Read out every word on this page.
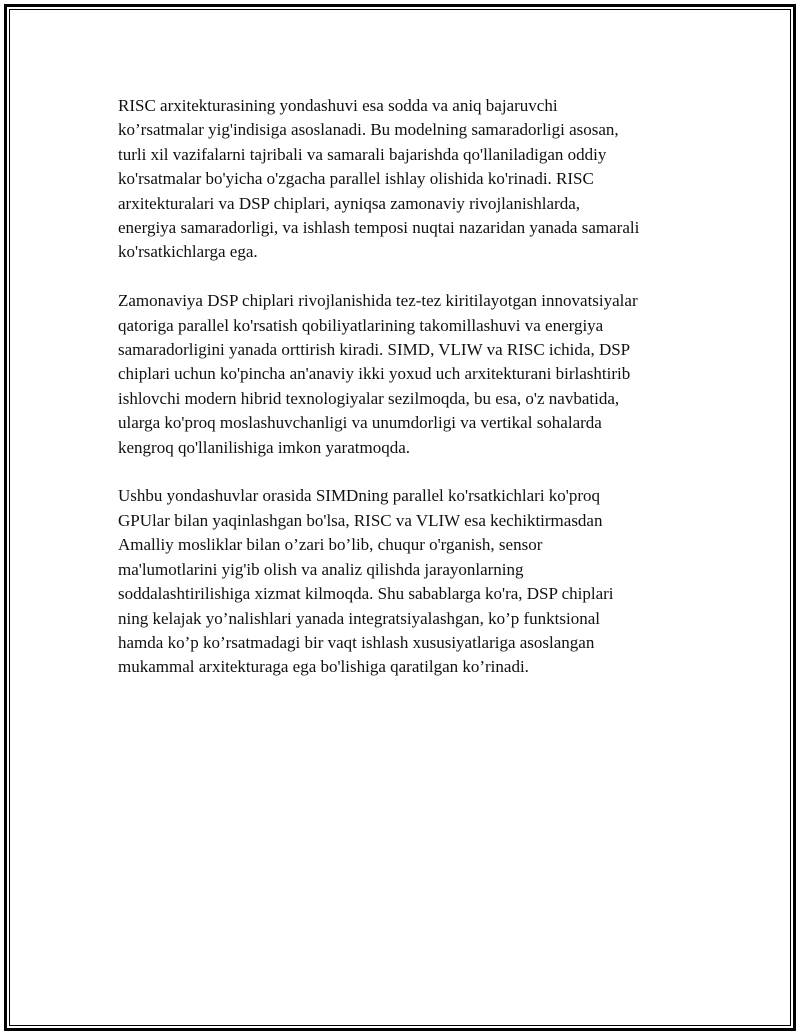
RISC arxitekturasining yondashuvi esa sodda va aniq bajaruvchi
ko’rsatmalar yig'indisiga asoslanadi. Bu modelning samaradorligi asosan,
turli xil vazifalarni tajribali va samarali bajarishda qo'llaniladigan oddiy
ko'rsatmalar bo'yicha o'zgacha parallel ishlay olishida ko'rinadi. RISC
arxitekturalari va DSP chiplari, ayniqsa zamonaviy rivojlanishlarda,
energiya samaradorligi, va ishlash temposi nuqtai nazaridan yanada samarali
ko'rsatkichlarga ega.

Zamonaviya DSP chiplari rivojlanishida tez-tez kiritilayotgan innovatsiyalar
qatoriga parallel ko'rsatish qobiliyatlarining takomillashuvi va energiya
samaradorligini yanada orttirish kiradi. SIMD, VLIW va RISC ichida, DSP
chiplari uchun ko'pincha an'anaviy ikki yoxud uch arxitekturani birlashtirib
ishlovchi modern hibrid texnologiyalar sezilmoqda, bu esa, o'z navbatida,
ularga ko'proq moslashuvchanligi va unumdorligi va vertikal sohalarda
kengroq qo'llanilishiga imkon yaratmoqda.

Ushbu yondashuvlar orasida SIMDning parallel ko'rsatkichlari ko'proq
GPUlar bilan yaqinlashgan bo'lsa, RISC va VLIW esa kechiktirmasdan
Amalliy mosliklar bilan o’zari bo’lib, chuqur o'rganish, sensor
ma'lumotlarini yig'ib olish va analiz qilishda jarayonlarning
soddalashtirilishiga xizmat kilmoqda. Shu sabablarga ko'ra, DSP chiplari
ning kelajak yo’nalishlari yanada integratsiyalashgan, ko’p funktsional
hamda ko’p ko’rsatmadagi bir vaqt ishlash xususiyatlariga asoslangan
mukammal arxitekturaga ega bo'lishiga qaratilgan ko’rinadi.
